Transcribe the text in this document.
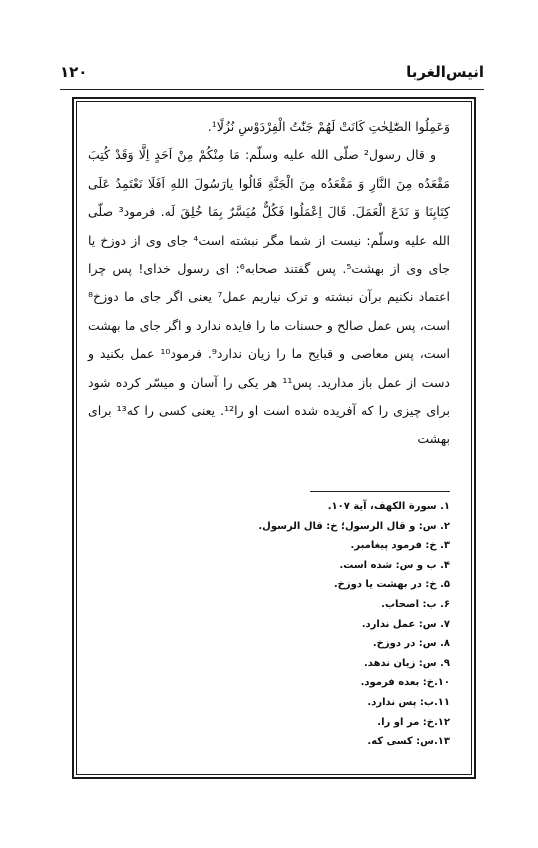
انیس‌الغربا
۱۲۰

وَعَمِلُوا الصّٰلِحٰتِ كَانَتْ لَهُمْ جَنّٰتُ الْفِرْدَوْسِ نُزُلًا¹.

و قال رسول² صلّی الله علیه وسلّم: مَا مِنْكُمْ مِنْ اَحَدٍ اِلَّا وَقَدْ كُتِبَ مَقْعَدُه مِنَ النَّارِ وَ مَقْعَدُه مِنَ الْجَنَّةِ قَالُوا یارَسُولَ اللهِ اَفَلَا نَعْتَمِدُ عَلَی كِتَابِنَا وَ نَدَعَ الْعَمَلَ. قَالَ اِعْمَلُوا فَكُلٌّ مُیَسَّرٌ بِمَا خُلِقَ لَه. فرمود³ صلّی الله علیه وسلّم: نیست از شما مگر نبشته است⁴ جای وی از دوزخ یا جای وی از بهشت⁵. پس گفتند صحابه⁶: ای رسول خدای! پس چرا اعتماد نکنیم برآن نبشته و ترک نیاریم عمل⁷ یعنی اگر جای ما دوزخ⁸ است، پس عمل صالح و حسنات ما را فایده ندارد و اگر جای ما بهشت است، پس معاصی و قبایح ما را زیان ندارد⁹. فرمود¹⁰ عمل بکنید و دست از عمل باز مدارید. پس¹¹ هر یکی را آسان و میسّر کرده شود برای چیزی را که آفریده شده است او را¹². یعنی کسی را که¹³ برای بهشت

۱. سورة الكهف، آیة ۱۰۷.
۲. س: و قال الرسول؛ خ: قال الرسول.
۳. خ: فرمود پیغامبر.
۴. ب و س: شده است.
۵. خ: در بهشت یا دوزخ.
۶. ب: اصحاب.
۷. س: عمل ندارد.
۸. س: در دوزخ.
۹. س: زیان ندهد.
۱۰.خ: بعده فرمود.
۱۱.ب: پس ندارد.
۱۲.خ: مر او را.
۱۳.س: کسی که.
